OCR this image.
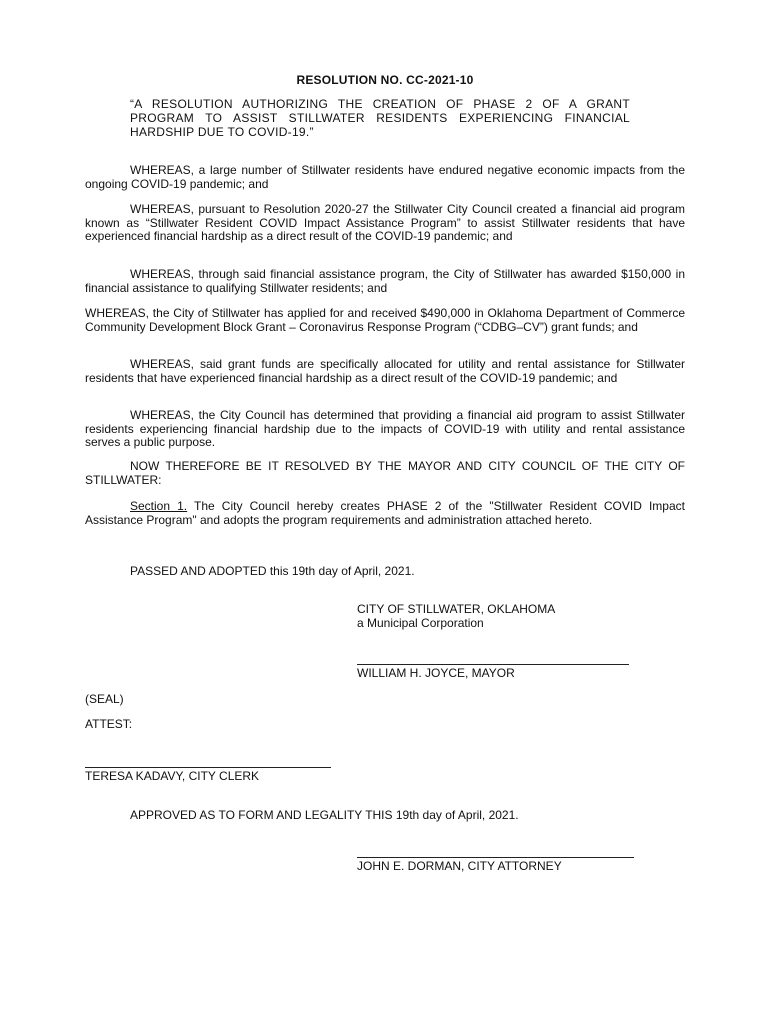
RESOLUTION NO. CC-2021-10
“A RESOLUTION AUTHORIZING THE CREATION OF PHASE 2 OF A GRANT PROGRAM TO ASSIST STILLWATER RESIDENTS EXPERIENCING FINANCIAL HARDSHIP DUE TO COVID-19.”
WHEREAS, a large number of Stillwater residents have endured negative economic impacts from the ongoing COVID-19 pandemic; and
WHEREAS, pursuant to Resolution 2020-27 the Stillwater City Council created a financial aid program known as “Stillwater Resident COVID Impact Assistance Program” to assist Stillwater residents that have experienced financial hardship as a direct result of the COVID-19 pandemic; and
WHEREAS, through said financial assistance program, the City of Stillwater has awarded $150,000 in financial assistance to qualifying Stillwater residents; and
WHEREAS, the City of Stillwater has applied for and received $490,000 in Oklahoma Department of Commerce Community Development Block Grant – Coronavirus Response Program (“CDBG–CV”) grant funds; and
WHEREAS, said grant funds are specifically allocated for utility and rental assistance for Stillwater residents that have experienced financial hardship as a direct result of the COVID-19 pandemic; and
WHEREAS, the City Council has determined that providing a financial aid program to assist Stillwater residents experiencing financial hardship due to the impacts of COVID-19 with utility and rental assistance serves a public purpose.
NOW THEREFORE BE IT RESOLVED BY THE MAYOR AND CITY COUNCIL OF THE CITY OF STILLWATER:
Section 1. The City Council hereby creates PHASE 2 of the "Stillwater Resident COVID Impact Assistance Program" and adopts the program requirements and administration attached hereto.
PASSED AND ADOPTED this 19th day of April, 2021.
CITY OF STILLWATER, OKLAHOMA
a Municipal Corporation
WILLIAM H. JOYCE, MAYOR
(SEAL)
ATTEST:
TERESA KADAVY, CITY CLERK
APPROVED AS TO FORM AND LEGALITY THIS 19th day of April, 2021.
JOHN E. DORMAN, CITY ATTORNEY
